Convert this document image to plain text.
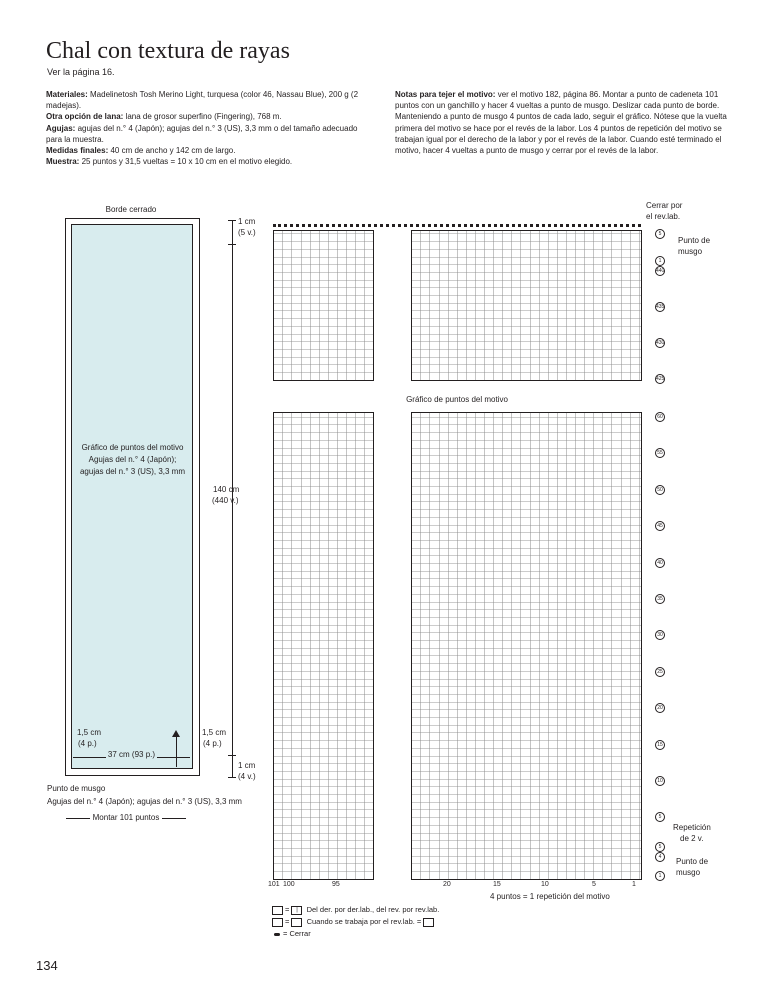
Chal con textura de rayas
Ver la página 16.

Materiales: Madelinetosh Tosh Merino Light, turquesa (color 46, Nassau Blue), 200 g (2 madejas).

Otra opción de lana: lana de grosor superfino (Fingering), 768 m.

Agujas: agujas del n.° 4 (Japón); agujas del n.° 3 (US), 3,3 mm o del tamaño adecuado para la muestra.

Medidas finales: 40 cm de ancho y 142 cm de largo.

Muestra: 25 puntos y 31,5 vueltas = 10 x 10 cm en el motivo elegido.

Notas para tejer el motivo: ver el motivo 182, página 86. Montar a punto de cadeneta 101 puntos con un ganchillo y hacer 4 vueltas a punto de musgo. Deslizar cada punto de borde. Manteniendo a punto de musgo 4 puntos de cada lado, seguir el gráfico. Nótese que la vuelta primera del motivo se hace por el revés de la labor. Los 4 puntos de repetición del motivo se trabajan igual por el derecho de la labor y por el revés de la labor. Cuando esté terminado el motivo, hacer 4 vueltas a punto de musgo y cerrar por el revés de la labor.

Borde cerrado
Gráfico de puntos del motivo
Agujas del n.° 4 (Japón);
agujas del n.° 3 (US), 3,3 mm
1 cm
(5 v.)
140 cm
(440 v.)
1 cm
(4 v.)
1,5 cm
(4 p.)
1,5 cm
(4 p.)
37 cm (93 p.)
Punto de musgo
Agujas del n.° 4 (Japón); agujas del n.° 3 (US), 3,3 mm
Montar 101 puntos
Gráfico de puntos del motivo
Cerrar por
el rev.lab.
Punto de
musgo
5
1
440
435
430
425
60
55
50
45
40
35
30
25
20
15
10
5
5
4
1
Repetición
de 2 v.
Punto de
musgo
101 100	95	20	15	10	5	1
4 puntos = 1 repetición del motivo
= | Del der. por der.lab., del rev. por rev.lab.
= Cuando se trabaja por el rev.lab. =
= Cerrar
134
